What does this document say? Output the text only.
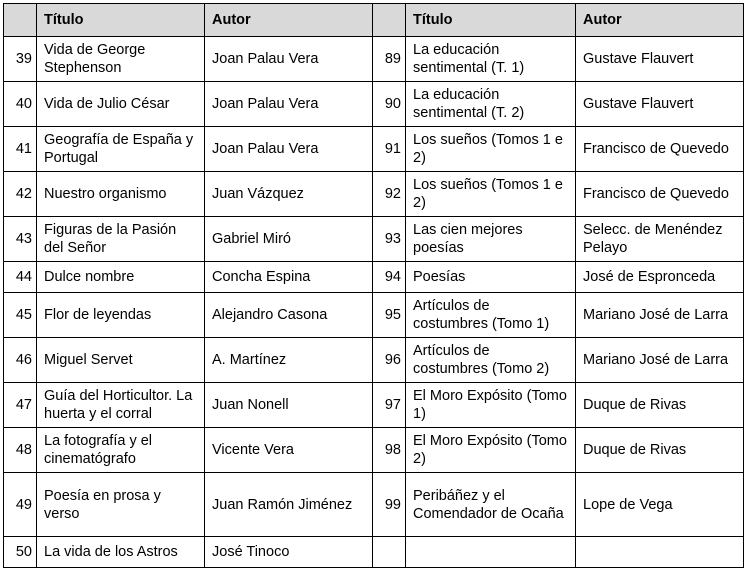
	Título	Autor		Título	Autor
39	Vida de George Stephenson	Joan Palau Vera	89	La educación sentimental (T. 1)	Gustave Flauvert
40	Vida de Julio César	Joan Palau Vera	90	La educación sentimental (T. 2)	Gustave Flauvert
41	Geografía de España y Portugal	Joan Palau Vera	91	Los sueños (Tomos 1 e 2)	Francisco de Quevedo
42	Nuestro organismo	Juan Vázquez	92	Los sueños (Tomos 1 e 2)	Francisco de Quevedo
43	Figuras de la Pasión del Señor	Gabriel Miró	93	Las cien mejores poesías	Selecc. de Menéndez Pelayo
44	Dulce nombre	Concha Espina	94	Poesías	José de Espronceda
45	Flor de leyendas	Alejandro Casona	95	Artículos de costumbres (Tomo 1)	Mariano José de Larra
46	Miguel Servet	A. Martínez	96	Artículos de costumbres (Tomo 2)	Mariano José de Larra
47	Guía del Horticultor. La huerta y el corral	Juan Nonell	97	El Moro Expósito (Tomo 1)	Duque de Rivas
48	La fotografía y el cinematógrafo	Vicente Vera	98	El Moro Expósito (Tomo 2)	Duque de Rivas
49	Poesía en prosa y verso	Juan Ramón Jiménez	99	Peribáñez y el Comendador de Ocaña	Lope de Vega
50	La vida de los Astros	José Tinoco			
